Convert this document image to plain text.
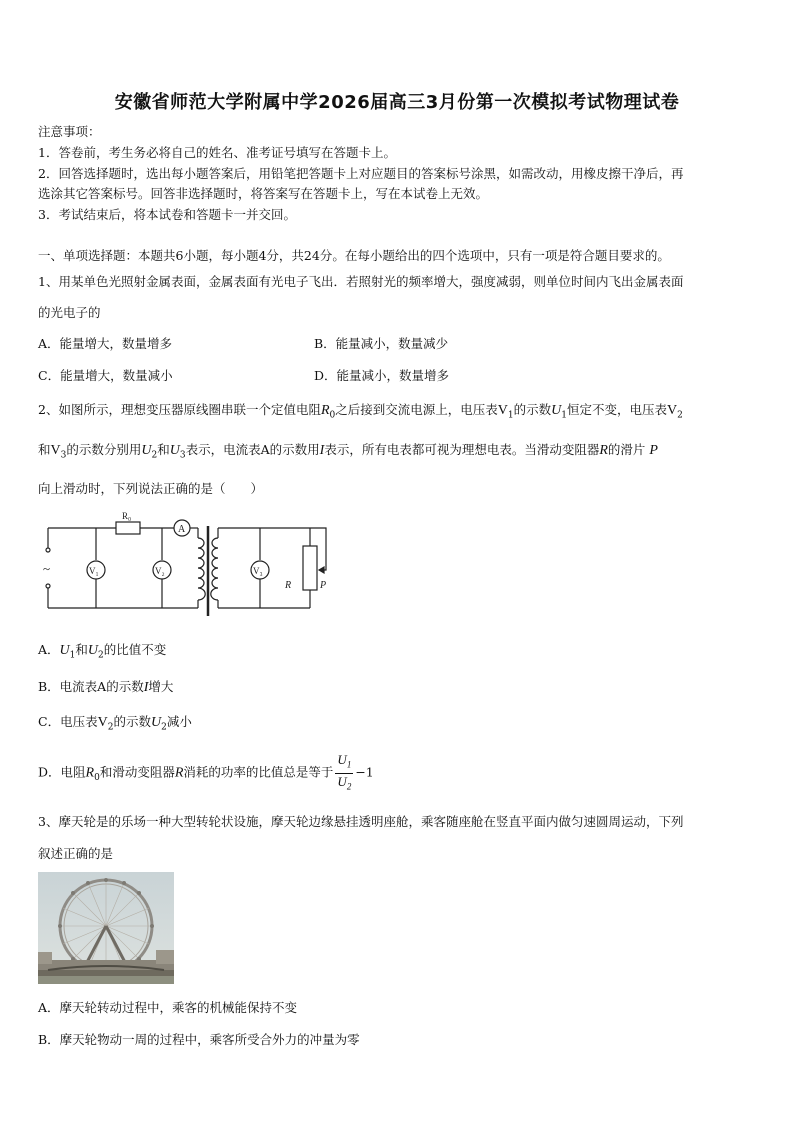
安徽省师范大学附属中学2026届高三3月份第一次模拟考试物理试卷
注意事项：
1．答卷前，考生务必将自己的姓名、准考证号填写在答题卡上。
2．回答选择题时，选出每小题答案后，用铅笔把答题卡上对应题目的答案标号涂黑，如需改动，用橡皮擦干净后，再
选涂其它答案标号。回答非选择题时，将答案写在答题卡上，写在本试卷上无效。
3．考试结束后，将本试卷和答题卡一并交回。
一、单项选择题：本题共6小题，每小题4分，共24分。在每小题给出的四个选项中，只有一项是符合题目要求的。
1、用某单色光照射金属表面，金属表面有光电子飞出．若照射光的频率增大，强度减弱，则单位时间内飞出金属表面
的光电子的
A．能量增大，数量增多	B．能量减小，数量减少
C．能量增大，数量减小	D．能量减小，数量增多
2、如图所示，理想变压器原线圈串联一个定值电阻$R_0$之后接到交流电源上，电压表$V_1$的示数$U_1$恒定不变，电压表$V_2$
和$V_3$的示数分别用$U_2$和$U_3$表示，电流表A的示数用I表示，所有电表都可视为理想电表。当滑动变阻器R的滑片 P
向上滑动时，下列说法正确的是（　　）
~
R₀
A
V₁	V₂	V₃
R	P
A．$U_1$和$U_2$的比值不变
B．电流表A的示数I增大
C．电压表$V_2$的示数$U_2$减小
D．电阻$R_0$和滑动变阻器R消耗的功率的比值总是等于 $\frac{U_1}{U_2} -1$
3、摩天轮是的乐场一种大型转轮状设施，摩天轮边缘悬挂透明座舱，乘客随座舱在竖直平面内做匀速圆周运动，下列
叙述正确的是
A．摩天轮转动过程中，乘客的机械能保持不变
B．摩天轮物动一周的过程中，乘客所受合外力的冲量为零
